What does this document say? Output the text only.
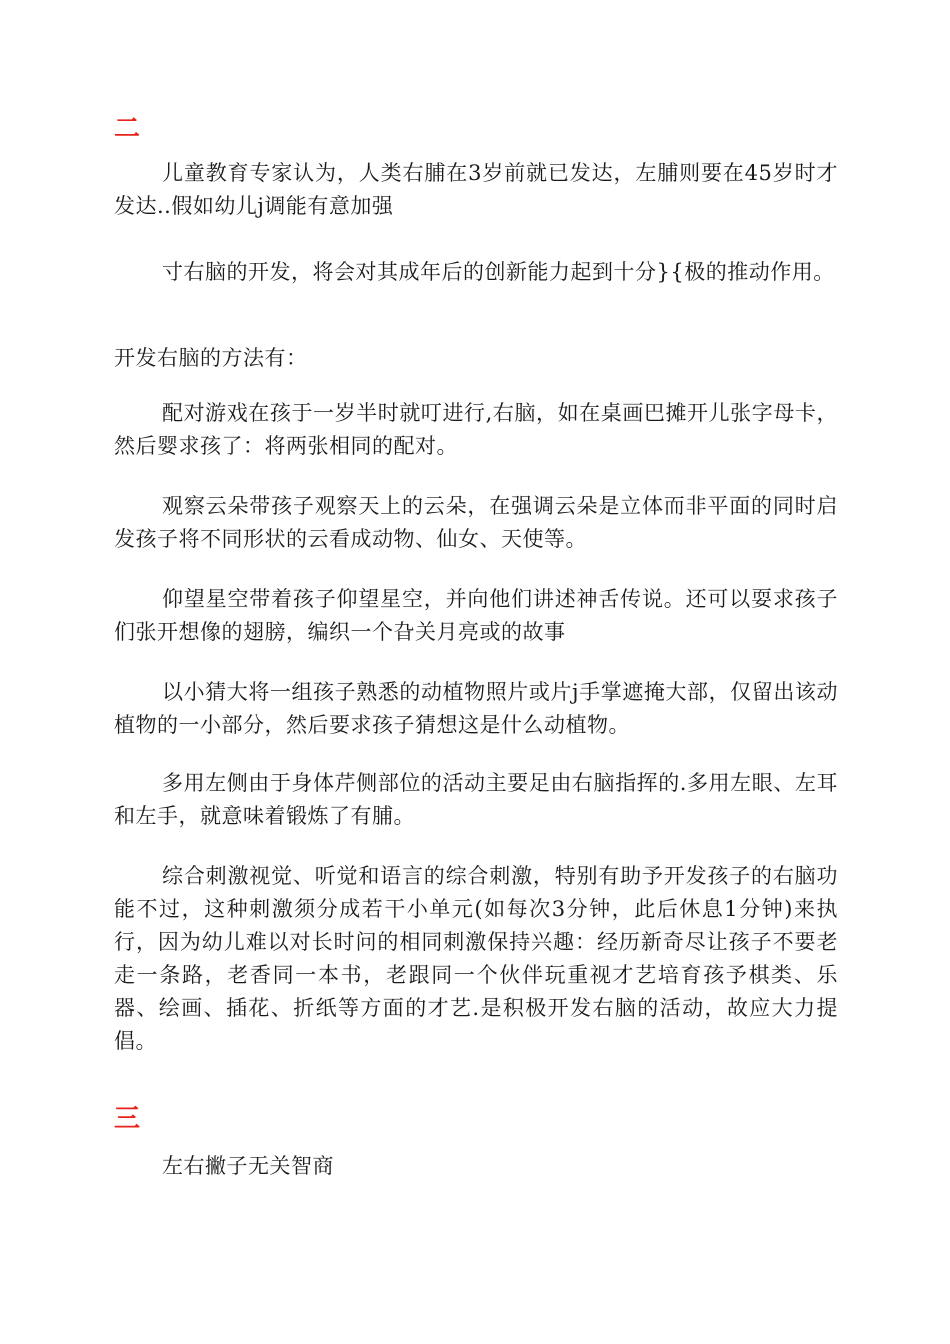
二

儿童教育专家认为，人类右脯在3岁前就已发达，左脯则要在45岁时才发达..假如幼儿j调能有意加强

寸右脑的开发，将会对其成年后的创新能力起到十分}{极的推动作用。

开发右脑的方法有：

配对游戏在孩于一岁半时就叮进行,右脑，如在桌画巴摊开儿张字母卡，然后婴求孩了：将两张相同的配对。

观察云朵带孩子观察天上的云朵，在强调云朵是立体而非平面的同时启发孩子将不同形状的云看成动物、仙女、天使等。

仰望星空带着孩子仰望星空，并向他们讲述神舌传说。还可以耍求孩子们张开想像的翅膀，编织一个旮关月亮或的故事

以小猜大将一组孩子熟悉的动植物照片或片j手掌遮掩大部，仅留出该动植物的一小部分，然后要求孩子猜想这是什么动植物。

多用左侧由于身体芹侧部位的活动主要足由右脑指挥的.多用左眼、左耳和左手，就意味着锻炼了有脯。

综合刺激视觉、听觉和语言的综合刺激，特别有助予开发孩子的右脑功能不过，这种刺激须分成若干小单元(如每次3分钟，此后休息1分钟)来执行，因为幼儿难以对长时问的相同刺激保持兴趣：经历新奇尽让孩子不要老走一条路，老香同一本书，老跟同一个伙伴玩重视才艺培育孩予棋类、乐器、绘画、插花、折纸等方面的才艺.是积极开发右脑的活动，故应大力提倡。

三

左右撇子无关智商
